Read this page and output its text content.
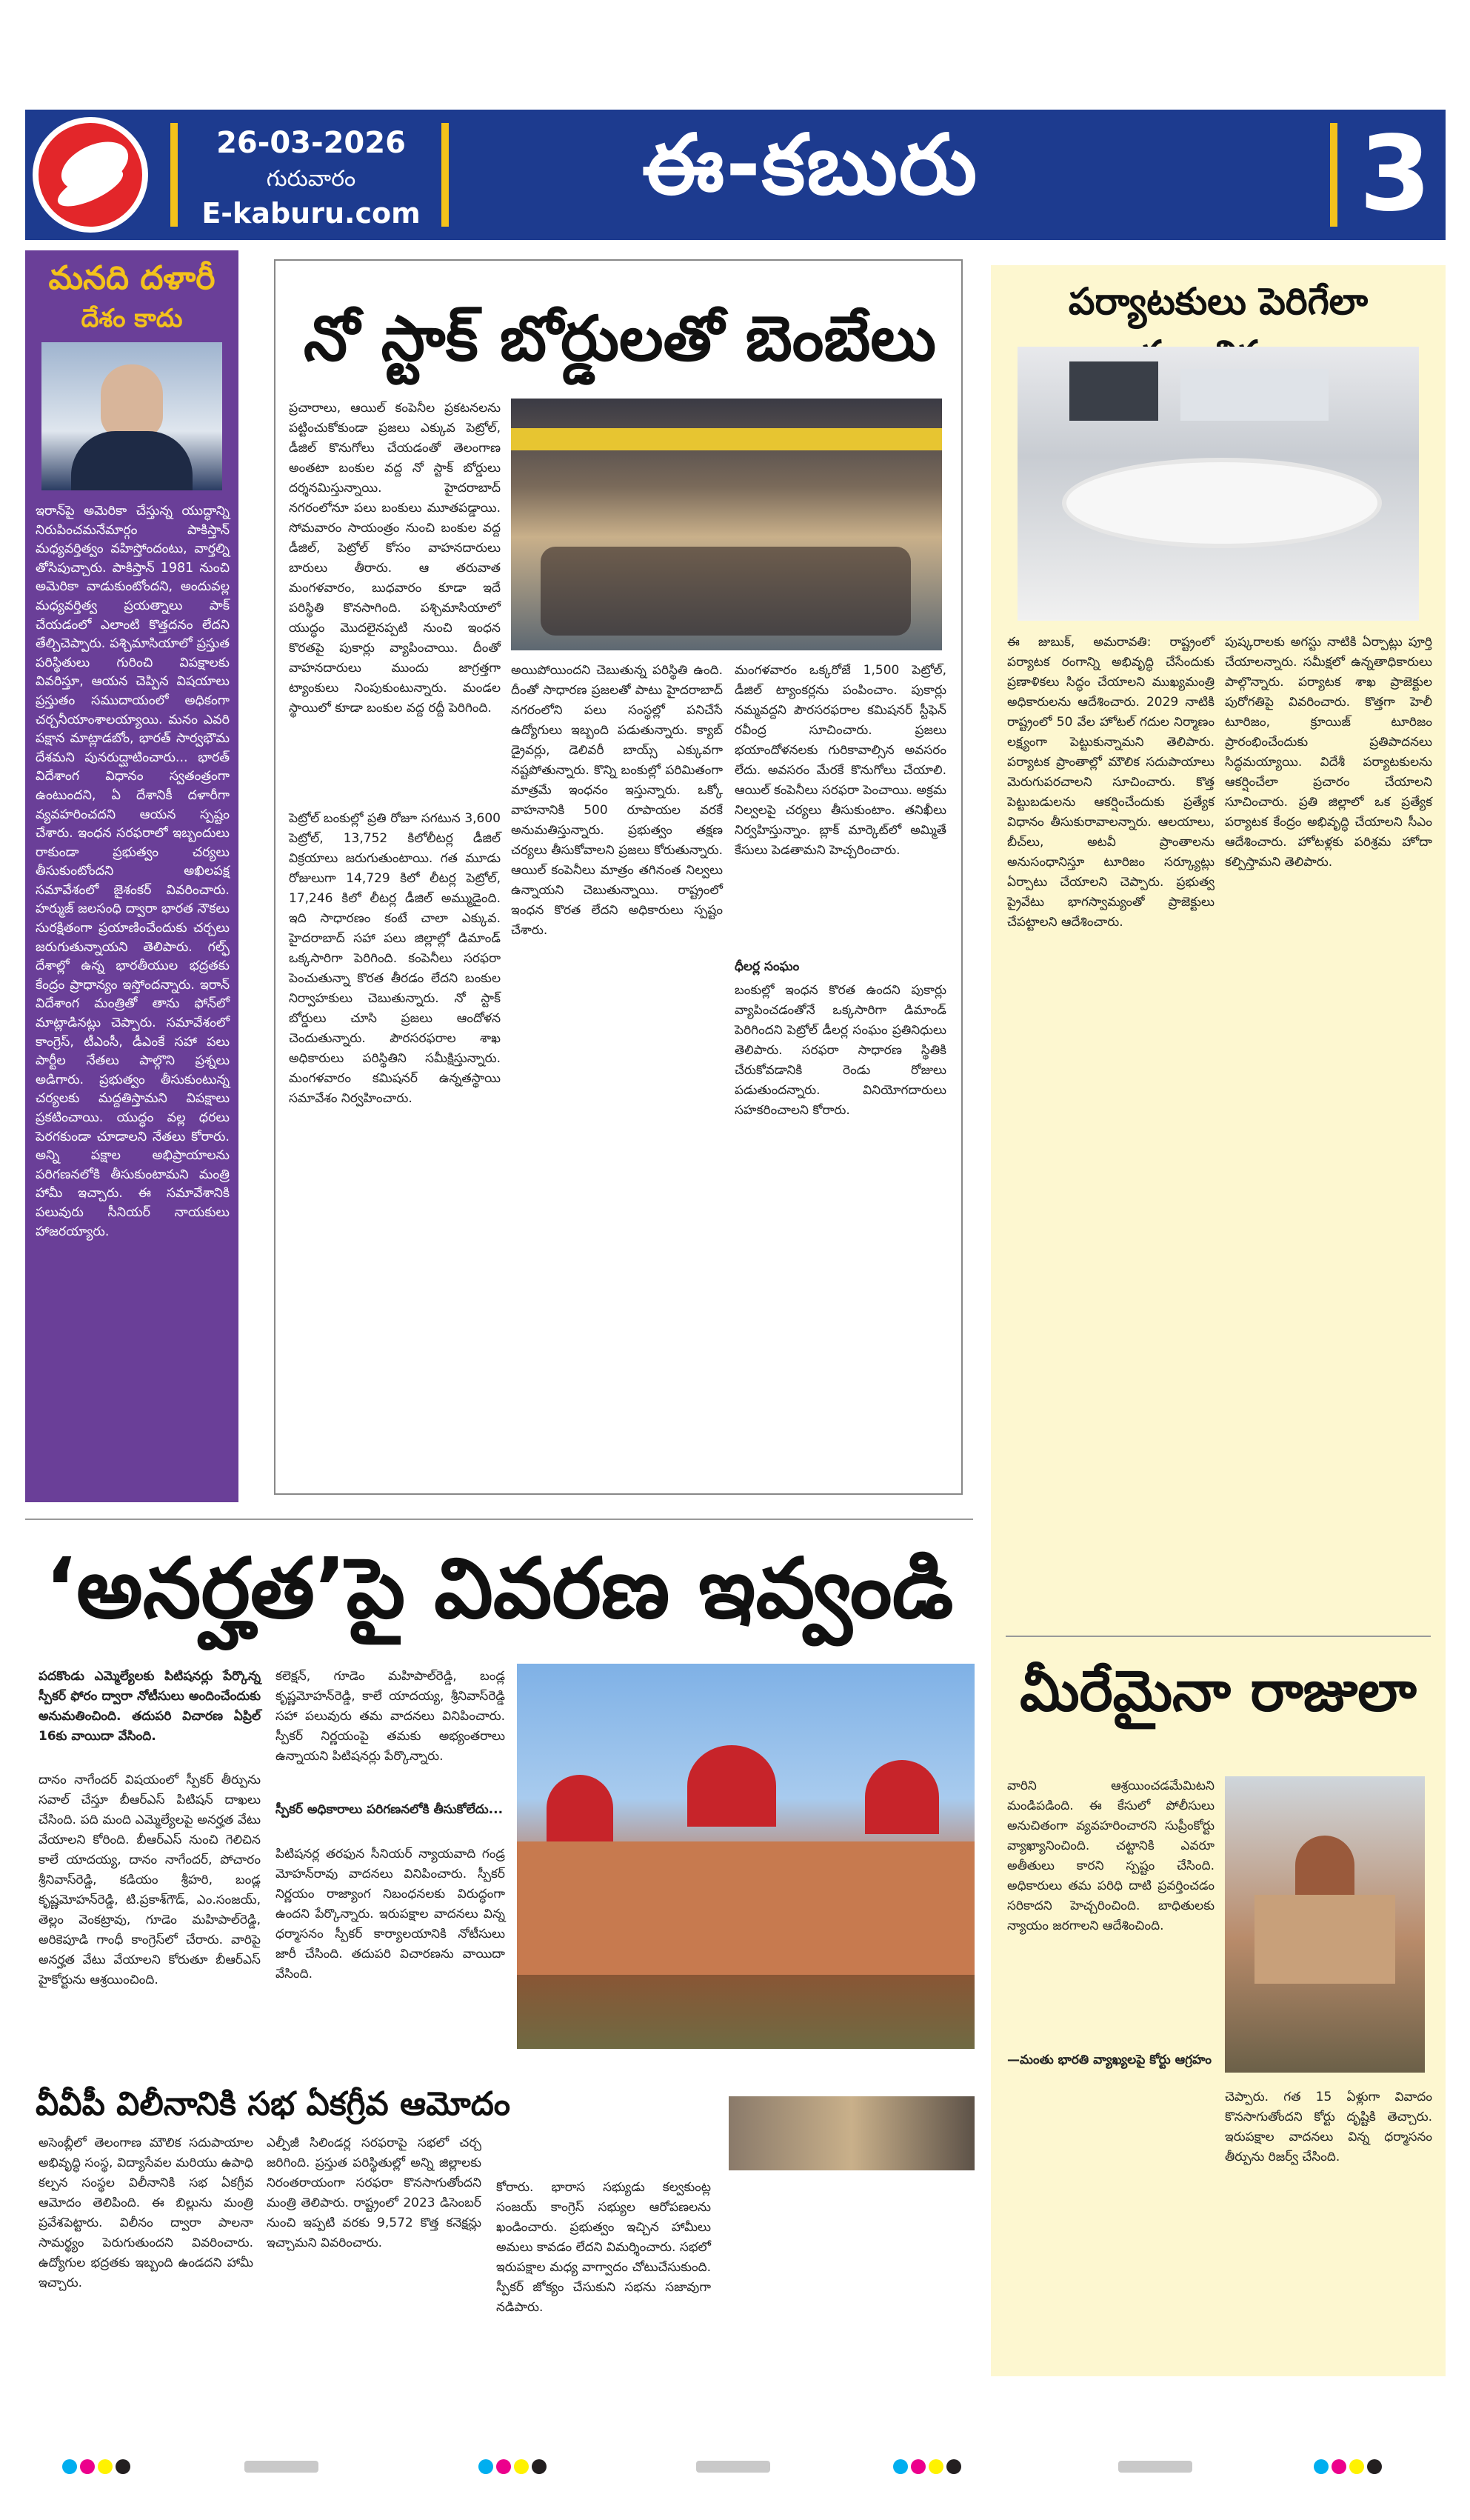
26-03-2026
గురువారం
E-kaburu.com	ఈ-కబురు	3
మనది దళారీ
దేశం కాదు
ఇరాన్‌పై అమెరికా చేస్తున్న యుద్ధాన్ని నిరుపించమనేమార్గం పాకిస్తాన్ మధ్యవర్తిత్వం వహిస్తోందంటు, వార్తల్ని తోసిపుచ్చారు. పాకిస్తాన్ 1981 నుంచి అమెరికా వాడుకుంటోందని, అందువల్ల మధ్యవర్తిత్వ ప్రయత్నాలు పాక్ చేయడంలో ఎలాంటి కొత్తదనం లేదని తేల్చిచెప్పారు. పశ్చిమాసియాలో ప్రస్తుత పరిస్థితులు గురించి విపక్షాలకు వివరిస్తూ, ఆయన చెప్పిన విషయాలు ప్రస్తుతం సముదాయంలో అధికంగా చర్చనీయాంశాలయ్యాయి. మనం ఎవరి పక్షాన మాట్లాడబోం, భారత్ సార్వభౌమ దేశమని పునరుద్ఘాటించారు... భారత్ విదేశాంగ విధానం స్వతంత్రంగా ఉంటుందని, ఏ దేశానికీ దళారీగా వ్యవహరించదని ఆయన స్పష్టం చేశారు. ఇంధన సరఫరాలో ఇబ్బందులు రాకుండా ప్రభుత్వం చర్యలు తీసుకుంటోందని అఖిలపక్ష సమావేశంలో జైశంకర్ వివరించారు. హర్ముజ్ జలసంధి ద్వారా భారత నౌకలు సురక్షితంగా ప్రయాణించేందుకు చర్చలు జరుగుతున్నాయని తెలిపారు. గల్ఫ్ దేశాల్లో ఉన్న భారతీయుల భద్రతకు కేంద్రం ప్రాధాన్యం ఇస్తోందన్నారు. ఇరాన్ విదేశాంగ మంత్రితో తాను ఫోన్‌లో మాట్లాడినట్లు చెప్పారు. సమావేశంలో కాంగ్రెస్, టీఎంసీ, డీఎంకే సహా పలు పార్టీల నేతలు పాల్గొని ప్రశ్నలు అడిగారు. ప్రభుత్వం తీసుకుంటున్న చర్యలకు మద్దతిస్తామని విపక్షాలు ప్రకటించాయి. యుద్ధం వల్ల ధరలు పెరగకుండా చూడాలని నేతలు కోరారు. అన్ని పక్షాల అభిప్రాయాలను పరిగణనలోకి తీసుకుంటామని మంత్రి హామీ ఇచ్చారు. ఈ సమావేశానికి పలువురు సీనియర్ నాయకులు హాజరయ్యారు.
నో స్టాక్ బోర్డులతో బెంబేలు
ప్రచారాలు, ఆయిల్ కంపెనీల ప్రకటనలను పట్టించుకోకుండా ప్రజలు ఎక్కువ పెట్రోల్, డీజిల్ కొనుగోలు చేయడంతో తెలంగాణ అంతటా బంకుల వద్ద నో స్టాక్ బోర్డులు దర్శనమిస్తున్నాయి. హైదరాబాద్ నగరంలోనూ పలు బంకులు మూతపడ్డాయి. సోమవారం సాయంత్రం నుంచి బంకుల వద్ద డీజిల్, పెట్రోల్ కోసం వాహనదారులు బారులు తీరారు. ఆ తరువాత మంగళవారం, బుధవారం కూడా ఇదే పరిస్థితి కొనసాగింది. పశ్చిమాసియాలో యుద్ధం మొదలైనప్పటి నుంచి ఇంధన కొరతపై పుకార్లు వ్యాపించాయి. దీంతో వాహనదారులు ముందు జాగ్రత్తగా ట్యాంకులు నింపుకుంటున్నారు. మండల స్థాయిలో కూడా బంకుల వద్ద రద్దీ పెరిగింది.
పెట్రోల్ బంకుల్లో ప్రతి రోజూ సగటున 3,600 పెట్రోల్, 13,752 కిలోలీటర్ల డీజిల్ విక్రయాలు జరుగుతుంటాయి. గత మూడు రోజులుగా 14,729 కిలో లీటర్ల పెట్రోల్, 17,246 కిలో లీటర్ల డీజిల్ అమ్ముడైంది. ఇది సాధారణం కంటే చాలా ఎక్కువ. హైదరాబాద్ సహా పలు జిల్లాల్లో డిమాండ్ ఒక్కసారిగా పెరిగింది. కంపెనీలు సరఫరా పెంచుతున్నా కొరత తీరడం లేదని బంకుల నిర్వాహకులు చెబుతున్నారు. నో స్టాక్ బోర్డులు చూసి ప్రజలు ఆందోళన చెందుతున్నారు. పౌరసరఫరాల శాఖ అధికారులు పరిస్థితిని సమీక్షిస్తున్నారు. మంగళవారం కమిషనర్ ఉన్నతస్థాయి సమావేశం నిర్వహించారు.
అయిపోయిందని చెబుతున్న పరిస్థితి ఉంది. దీంతో సాధారణ ప్రజలతో పాటు హైదరాబాద్ నగరంలోని పలు సంస్థల్లో పనిచేసే ఉద్యోగులు ఇబ్బంది పడుతున్నారు. క్యాబ్ డ్రైవర్లు, డెలివరీ బాయ్స్ ఎక్కువగా నష్టపోతున్నారు. కొన్ని బంకుల్లో పరిమితంగా మాత్రమే ఇంధనం ఇస్తున్నారు. ఒక్కో వాహనానికి 500 రూపాయల వరకే అనుమతిస్తున్నారు. ప్రభుత్వం తక్షణ చర్యలు తీసుకోవాలని ప్రజలు కోరుతున్నారు. ఆయిల్ కంపెనీలు మాత్రం తగినంత నిల్వలు ఉన్నాయని చెబుతున్నాయి. రాష్ట్రంలో ఇంధన కొరత లేదని అధికారులు స్పష్టం చేశారు.
మంగళవారం ఒక్కరోజే 1,500 పెట్రోల్, డీజిల్ ట్యాంకర్లను పంపించాం. పుకార్లు నమ్మవద్దని పౌరసరఫరాల కమిషనర్ స్టీఫెన్ రవీంద్ర సూచించారు. ప్రజలు భయాందోళనలకు గురికావాల్సిన అవసరం లేదు. అవసరం మేరకే కొనుగోలు చేయాలి. ఆయిల్ కంపెనీలు సరఫరా పెంచాయి. అక్రమ నిల్వలపై చర్యలు తీసుకుంటాం. తనిఖీలు నిర్వహిస్తున్నాం. బ్లాక్ మార్కెట్‌లో అమ్మితే కేసులు పెడతామని హెచ్చరించారు.
ధీలర్ల సంఘం
బంకుల్లో ఇంధన కొరత ఉందని పుకార్లు వ్యాపించడంతోనే ఒక్కసారిగా డిమాండ్ పెరిగిందని పెట్రోల్ డీలర్ల సంఘం ప్రతినిధులు తెలిపారు. సరఫరా సాధారణ స్థితికి చేరుకోవడానికి రెండు రోజులు పడుతుందన్నారు. వినియోగదారులు సహకరించాలని కోరారు.
పర్యాటకులు పెరిగేలా
ఈ జుబుక్, అమరావతి: రాష్ట్రంలో పర్యాటక రంగాన్ని అభివృద్ధి చేసేందుకు ప్రణాళికలు సిద్ధం చేయాలని ముఖ్యమంత్రి అధికారులను ఆదేశించారు. 2029 నాటికి రాష్ట్రంలో 50 వేల హోటల్ గదుల నిర్మాణం లక్ష్యంగా పెట్టుకున్నామని తెలిపారు. పర్యాటక ప్రాంతాల్లో మౌలిక సదుపాయాలు మెరుగుపరచాలని సూచించారు. కొత్త పెట్టుబడులను ఆకర్షించేందుకు ప్రత్యేక విధానం తీసుకురావాలన్నారు. ఆలయాలు, బీచ్‌లు, అటవీ ప్రాంతాలను అనుసంధానిస్తూ టూరిజం సర్క్యూట్లు ఏర్పాటు చేయాలని చెప్పారు. ప్రభుత్వ ప్రైవేటు భాగస్వామ్యంతో ప్రాజెక్టులు చేపట్టాలని ఆదేశించారు.
పుష్కరాలకు అగస్టు నాటికి ఏర్పాట్లు పూర్తి చేయాలన్నారు. సమీక్షలో ఉన్నతాధికారులు పాల్గొన్నారు. పర్యాటక శాఖ ప్రాజెక్టుల పురోగతిపై వివరించారు. కొత్తగా హెలీ టూరిజం, క్రూయిజ్ టూరిజం ప్రారంభించేందుకు ప్రతిపాదనలు సిద్ధమయ్యాయి. విదేశీ పర్యాటకులను ఆకర్షించేలా ప్రచారం చేయాలని సూచించారు. ప్రతి జిల్లాలో ఒక ప్రత్యేక పర్యాటక కేంద్రం అభివృద్ధి చేయాలని సీఎం ఆదేశించారు. హోటళ్లకు పరిశ్రమ హోదా కల్పిస్తామని తెలిపారు.
మీరేమైనా రాజులా
వారిని ఆశ్రయించడమేమిటని మండిపడింది. ఈ కేసులో పోలీసులు అనుచితంగా వ్యవహరించారని సుప్రీంకోర్టు వ్యాఖ్యానించింది. చట్టానికి ఎవరూ అతీతులు కారని స్పష్టం చేసింది. అధికారులు తమ పరిధి దాటి ప్రవర్తించడం సరికాదని హెచ్చరించింది. బాధితులకు న్యాయం జరగాలని ఆదేశించింది.
—మంతు భారతి వ్యాఖ్యలపై కోర్టు ఆగ్రహం
చెప్పారు. గత 15 ఏళ్లుగా వివాదం కొనసాగుతోందని కోర్టు దృష్టికి తెచ్చారు. ఇరుపక్షాల వాదనలు విన్న ధర్మాసనం తీర్పును రిజర్వ్ చేసింది.
‘అనర్హత’పై వివరణ ఇవ్వండి
పదకొండు ఎమ్మెల్యేలకు పిటిషనర్లు పేర్కొన్న స్పీకర్ ఫోరం ద్వారా నోటీసులు అందించేందుకు అనుమతించింది. తదుపరి విచారణ ఏప్రిల్ 16కు వాయిదా వేసింది.
దానం నాగేందర్ విషయంలో స్పీకర్ తీర్పును సవాల్ చేస్తూ బీఆర్ఎస్ పిటిషన్ దాఖలు చేసింది. పది మంది ఎమ్మెల్యేలపై అనర్హత వేటు వేయాలని కోరింది. బీఆర్ఎస్ నుంచి గెలిచిన కాలే యాదయ్య, దానం నాగేందర్, పోచారం శ్రీనివాస్‌రెడ్డి, కడియం శ్రీహరి, బండ్ల కృష్ణమోహన్‌రెడ్డి, టి.ప్రకాశ్‌గౌడ్, ఎం.సంజయ్, తెల్లం వెంకట్రావు, గూడెం మహిపాల్‌రెడ్డి, అరికెపూడి గాంధీ కాంగ్రెస్‌లో చేరారు. వారిపై అనర్హత వేటు వేయాలని కోరుతూ బీఆర్ఎస్ హైకోర్టును ఆశ్రయించింది.
కలెక్షన్, గూడెం మహిపాల్‌రెడ్డి, బండ్ల కృష్ణమోహన్‌రెడ్డి, కాలే యాదయ్య, శ్రీనివాస్‌రెడ్డి సహా పలువురు తమ వాదనలు వినిపించారు. స్పీకర్ నిర్ణయంపై తమకు అభ్యంతరాలు ఉన్నాయని పిటిషనర్లు పేర్కొన్నారు.
స్పీకర్ అధికారాలు పరిగణనలోకి తీసుకోలేదు...
పిటిషనర్ల తరఫున సీనియర్ న్యాయవాది గండ్ర మోహన్‌రావు వాదనలు వినిపించారు. స్పీకర్ నిర్ణయం రాజ్యాంగ నిబంధనలకు విరుద్ధంగా ఉందని పేర్కొన్నారు. ఇరుపక్షాల వాదనలు విన్న ధర్మాసనం స్పీకర్ కార్యాలయానికి నోటీసులు జారీ చేసింది. తదుపరి విచారణను వాయిదా వేసింది.
వీవీపీ విలీనానికి సభ ఏకగ్రీవ ఆమోదం
అసెంబ్లీలో తెలంగాణ మౌలిక సదుపాయాల అభివృద్ధి సంస్థ, విద్యాసేవల మరియు ఉపాధి కల్పన సంస్థల విలీనానికి సభ ఏకగ్రీవ ఆమోదం తెలిపింది. ఈ బిల్లును మంత్రి ప్రవేశపెట్టారు. విలీనం ద్వారా పాలనా సామర్థ్యం పెరుగుతుందని వివరించారు. ఉద్యోగుల భద్రతకు ఇబ్బంది ఉండదని హామీ ఇచ్చారు.
ఎల్పీజీ సిలిండర్ల సరఫరాపై సభలో చర్చ జరిగింది. ప్రస్తుత పరిస్థితుల్లో అన్ని జిల్లాలకు నిరంతరాయంగా సరఫరా కొనసాగుతోందని మంత్రి తెలిపారు. రాష్ట్రంలో 2023 డిసెంబర్ నుంచి ఇప్పటి వరకు 9,572 కొత్త కనెక్షన్లు ఇచ్చామని వివరించారు.
కోరారు. భారాస సభ్యుడు కల్వకుంట్ల సంజయ్ కాంగ్రెస్ సభ్యుల ఆరోపణలను ఖండించారు. ప్రభుత్వం ఇచ్చిన హామీలు అమలు కావడం లేదని విమర్శించారు. సభలో ఇరుపక్షాల మధ్య వాగ్వాదం చోటుచేసుకుంది. స్పీకర్ జోక్యం చేసుకుని సభను సజావుగా నడిపారు.
